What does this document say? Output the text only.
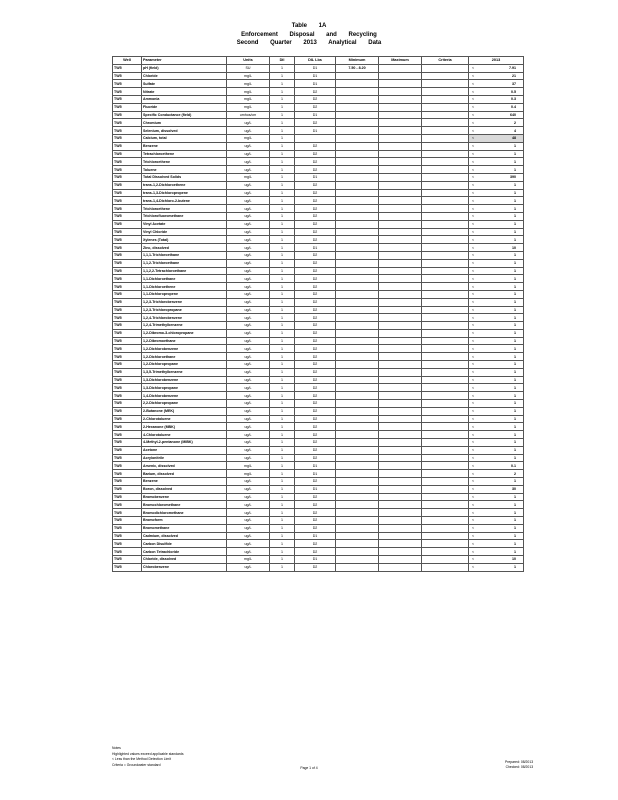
Table 1A
Enforcement Disposal and Recycling
Second Quarter 2013 Analytical Data
Well	Parameter	Units	Dil	DIL Lbs	Minimum	Maximum	Criteria	2013
TW5	pH (field)	SU	1	D1	7.50 - 8.20			< 7.91

TW5	Chloride	mg/L	1	D1				< 21

TW5	Sulfate	mg/L	1	D1				< 37

TW5	Nitrate	mg/L	1	D2				< 0.5

TW5	Ammonia	mg/L	1	D2				< 0.3

TW5	Fluoride	mg/L	1	D2				< 0.4

TW5	Specific Conductance (field)	umhos/cm	1	D1				< 640

TW5	Chromium	ug/L	1	D2				< 2

TW5	Selenium, dissolved	ug/L	1	D1				< 4

TW5	Calcium, total	mg/L	1					< 48

TW5	Benzene	ug/L	1	D2				< 1

TW5	Tetrachloroethene	ug/L	1	D2				< 1

TW5	Trichloroethene	ug/L	1	D2				< 1

TW5	Toluene	ug/L	1	D2				< 1

TW5	Total Dissolved Solids	mg/L	1	D1				< 390

TW5	trans-1,2-Dichloroethene	ug/L	1	D2				< 1

TW5	trans-1,3-Dichloropropene	ug/L	1	D2				< 1

TW5	trans-1,4-Dichloro-2-butene	ug/L	1	D2				< 1

TW5	Trichloroethene	ug/L	1	D2				< 1

TW5	Trichlorofluoromethane	ug/L	1	D2				< 1

TW5	Vinyl Acetate	ug/L	1	D2				< 1

TW5	Vinyl Chloride	ug/L	1	D2				< 1

TW5	Xylenes (Total)	ug/L	1	D2				< 1

TW5	Zinc, dissolved	ug/L	1	D1				< 10

TW5	1,1,1-Trichloroethane	ug/L	1	D2				< 1

TW5	1,1,2-Trichloroethane	ug/L	1	D2				< 1

TW5	1,1,2,2-Tetrachloroethane	ug/L	1	D2				< 1

TW5	1,1-Dichloroethane	ug/L	1	D2				< 1

TW5	1,1-Dichloroethene	ug/L	1	D2				< 1

TW5	1,1-Dichloropropene	ug/L	1	D2				< 1

TW5	1,2,3-Trichlorobenzene	ug/L	1	D2				< 1

TW5	1,2,3-Trichloropropane	ug/L	1	D2				< 1

TW5	1,2,4-Trichlorobenzene	ug/L	1	D2				< 1

TW5	1,2,4-Trimethylbenzene	ug/L	1	D2				< 1

TW5	1,2-Dibromo-3-chloropropane	ug/L	1	D2				< 1

TW5	1,2-Dibromoethane	ug/L	1	D2				< 1

TW5	1,2-Dichlorobenzene	ug/L	1	D2				< 1

TW5	1,2-Dichloroethane	ug/L	1	D2				< 1

TW5	1,2-Dichloropropane	ug/L	1	D2				< 1

TW5	1,3,5-Trimethylbenzene	ug/L	1	D2				< 1

TW5	1,3-Dichlorobenzene	ug/L	1	D2				< 1

TW5	1,3-Dichloropropane	ug/L	1	D2				< 1

TW5	1,4-Dichlorobenzene	ug/L	1	D2				< 1

TW5	2,2-Dichloropropane	ug/L	1	D2				< 1

TW5	2-Butanone (MEK)	ug/L	1	D2				< 1

TW5	2-Chlorotoluene	ug/L	1	D2				< 1

TW5	2-Hexanone (MBK)	ug/L	1	D2				< 1

TW5	4-Chlorotoluene	ug/L	1	D2				< 1

TW5	4-Methyl-2-pentanone (MIBK)	ug/L	1	D2				< 1

TW5	Acetone	ug/L	1	D2				< 1

TW5	Acrylonitrile	ug/L	1	D2				< 1

TW5	Arsenic, dissolved	mg/L	1	D1				< 0.1

TW5	Barium, dissolved	mg/L	1	D1				< 2

TW5	Benzene	ug/L	1	D2				< 1

TW5	Boron, dissolved	ug/L	1	D1				< 30

TW5	Bromobenzene	ug/L	1	D2				< 1

TW5	Bromochloromethane	ug/L	1	D2				< 1

TW5	Bromodichloromethane	ug/L	1	D2				< 1

TW5	Bromoform	ug/L	1	D2				< 1

TW5	Bromomethane	ug/L	1	D2				< 1

TW5	Cadmium, dissolved	ug/L	1	D1				< 1

TW5	Carbon Disulfide	ug/L	1	D2				< 1

TW5	Carbon Tetrachloride	ug/L	1	D2				< 1

TW5	Chloride, dissolved	mg/L	1	D1				< 10

TW5	Chlorobenzene	ug/L	1	D2				< 1
Notes
Highlighted values exceed applicable standards
< Less than the Method Detection Limit
Criteria = Groundwater standard
Page 1 of 4
Prepared: 08/2013
Checked: 08/2013
